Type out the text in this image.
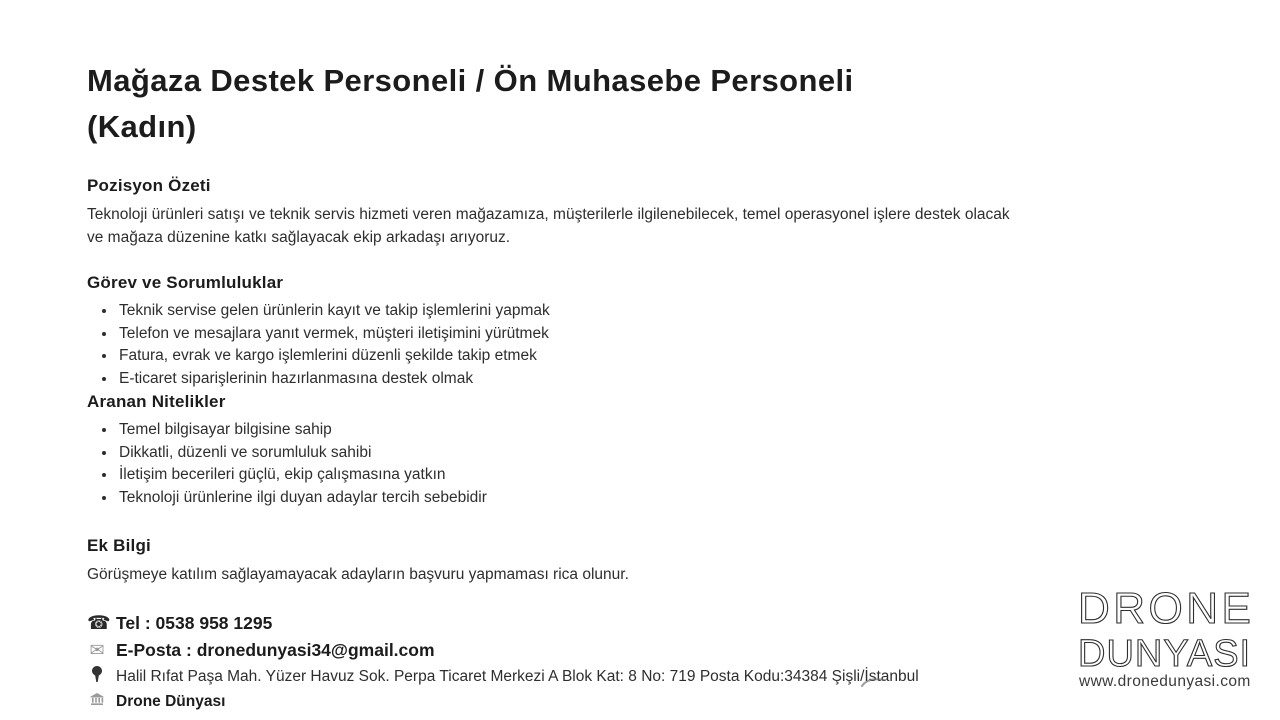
Mağaza Destek Personeli / Ön Muhasebe Personeli
(Kadın)
Pozisyon Özeti

Teknoloji ürünleri satışı ve teknik servis hizmeti veren mağazamıza, müşterilerle ilgilenebilecek, temel operasyonel işlere destek olacak ve mağaza düzenine katkı sağlayacak ekip arkadaşı arıyoruz.

Görev ve Sorumluluklar
• Teknik servise gelen ürünlerin kayıt ve takip işlemlerini yapmak
• Telefon ve mesajlara yanıt vermek, müşteri iletişimini yürütmek
• Fatura, evrak ve kargo işlemlerini düzenli şekilde takip etmek
• E-ticaret siparişlerinin hazırlanmasına destek olmak
Aranan Nitelikler
• Temel bilgisayar bilgisine sahip
• Dikkatli, düzenli ve sorumluluk sahibi
• İletişim becerileri güçlü, ekip çalışmasına yatkın
• Teknoloji ürünlerine ilgi duyan adaylar tercih sebebidir
Ek Bilgi

Görüşmeye katılım sağlayamayacak adayların başvuru yapmaması rica olunur.

☎ Tel : 0538 958 1295
✉ E-Posta : dronedunyasi34@gmail.com
Halil Rıfat Paşa Mah. Yüzer Havuz Sok. Perpa Ticaret Merkezi A Blok Kat: 8 No: 719 Posta Kodu:34384 Şişli/İstanbul
Drone Dünyası
DRONE
DUNYASI
www.dronedunyasi.com
